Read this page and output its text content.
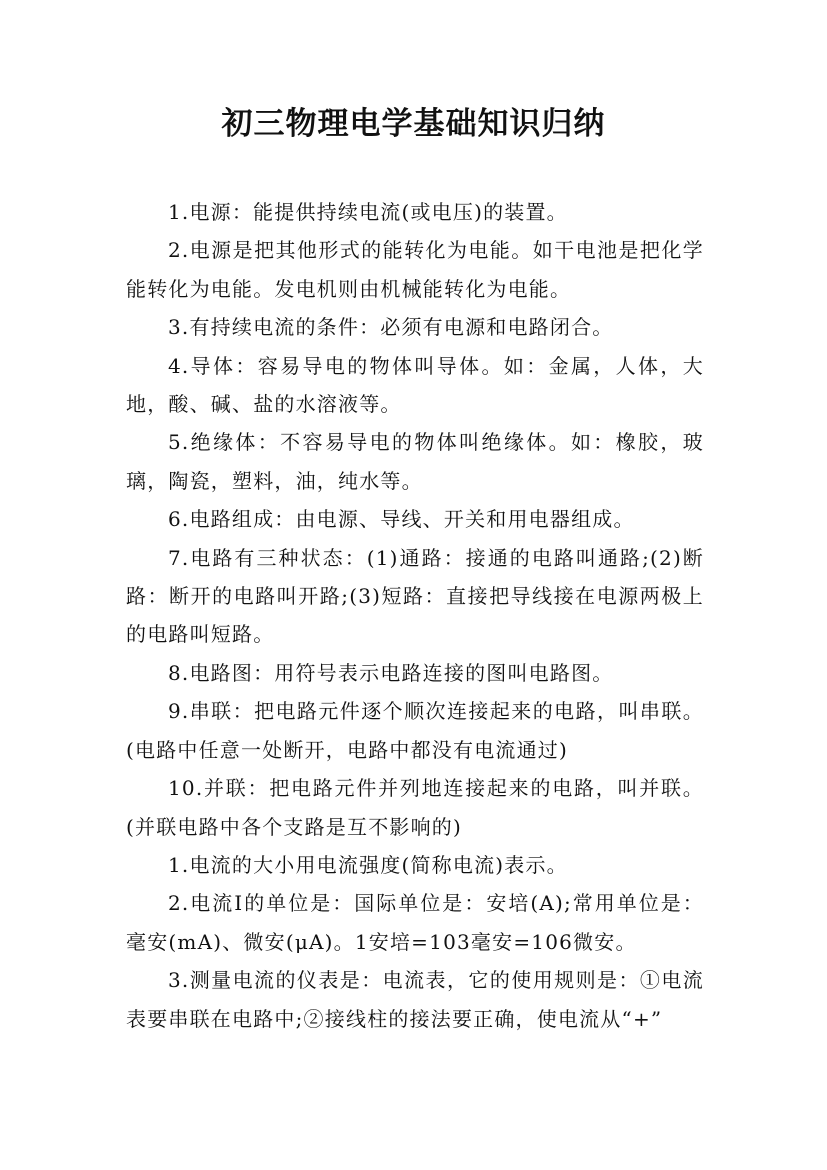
初三物理电学基础知识归纳

1.电源：能提供持续电流(或电压)的装置。

2.电源是把其他形式的能转化为电能。如干电池是把化学能转化为电能。发电机则由机械能转化为电能。

3.有持续电流的条件：必须有电源和电路闭合。

4.导体：容易导电的物体叫导体。如：金属，人体，大地，酸、碱、盐的水溶液等。

5.绝缘体：不容易导电的物体叫绝缘体。如：橡胶，玻璃，陶瓷，塑料，油，纯水等。

6.电路组成：由电源、导线、开关和用电器组成。

7.电路有三种状态：(1)通路：接通的电路叫通路;(2)断路：断开的电路叫开路;(3)短路：直接把导线接在电源两极上的电路叫短路。

8.电路图：用符号表示电路连接的图叫电路图。

9.串联：把电路元件逐个顺次连接起来的电路，叫串联。(电路中任意一处断开，电路中都没有电流通过)

10.并联：把电路元件并列地连接起来的电路，叫并联。(并联电路中各个支路是互不影响的)

1.电流的大小用电流强度(简称电流)表示。

2.电流I的单位是：国际单位是：安培(A);常用单位是：毫安(mA)、微安(μA)。1安培=103毫安=106微安。

3.测量电流的仪表是：电流表，它的使用规则是：①电流表要串联在电路中;②接线柱的接法要正确，使电流从“+”
